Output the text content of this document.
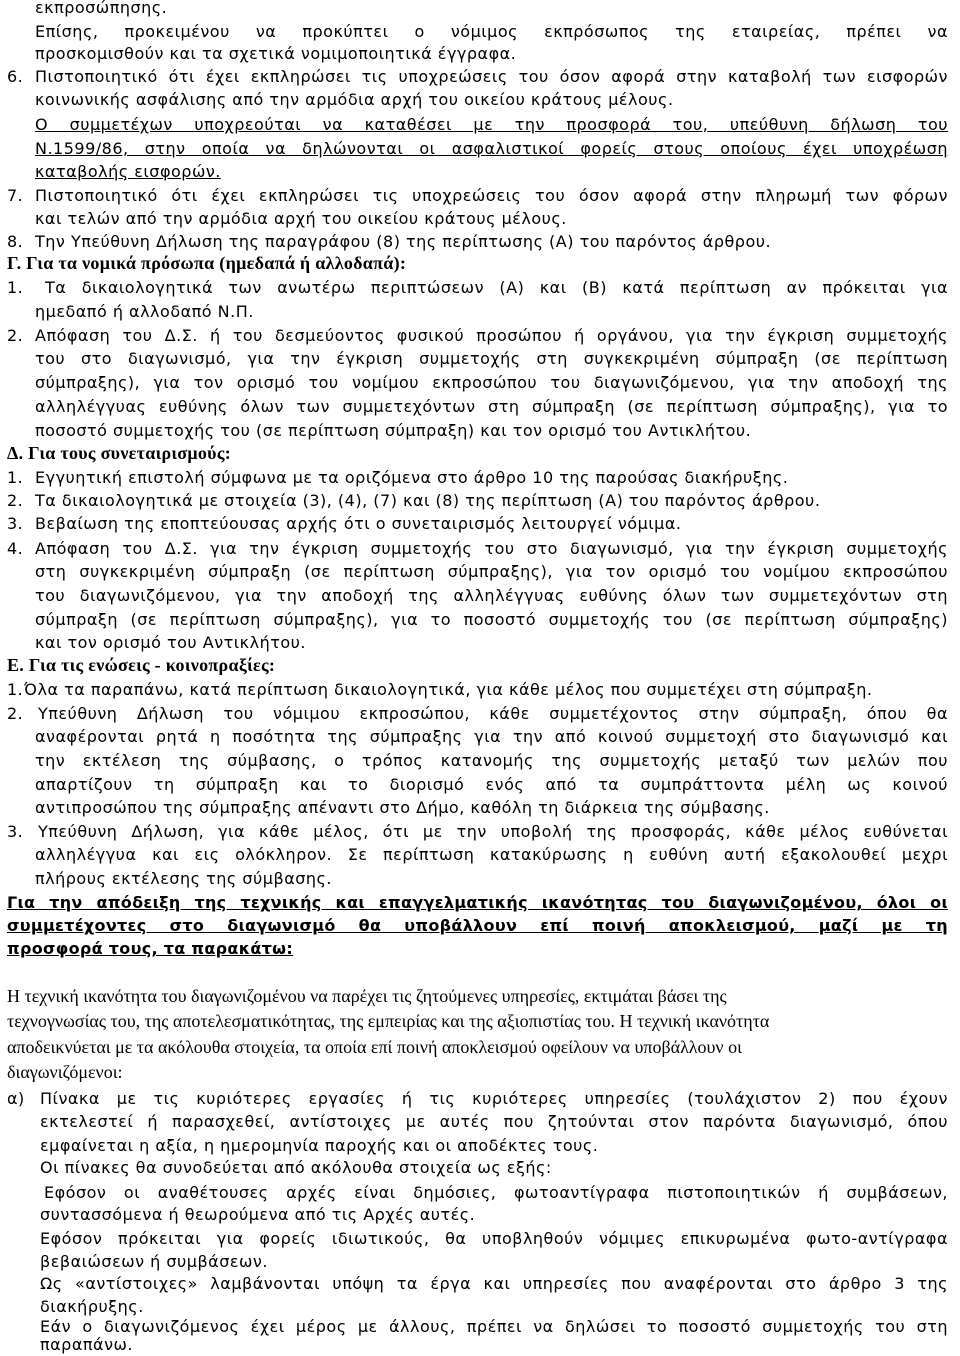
εκπροσώπησης.
Επίσης, προκειμένου να προκύπτει ο νόμιμος εκπρόσωπος της εταιρείας, πρέπει να
προσκομισθούν και τα σχετικά νομιμοποιητικά έγγραφα.
6. Πιστοποιητικό ότι έχει εκπληρώσει τις υποχρεώσεις του όσον αφορά στην καταβολή των εισφορών
κοινωνικής ασφάλισης από την αρμόδια αρχή του οικείου κράτους μέλους.
Ο συμμετέχων υποχρεούται να καταθέσει με την προσφορά του, υπεύθυνη δήλωση του
Ν.1599/86, στην οποία να δηλώνονται οι ασφαλιστικοί φορείς στους οποίους έχει υποχρέωση
καταβολής εισφορών.
7. Πιστοποιητικό ότι έχει εκπληρώσει τις υποχρεώσεις του όσον αφορά στην πληρωμή των φόρων
και τελών από την αρμόδια αρχή του οικείου κράτους μέλους.
8. Την Υπεύθυνη Δήλωση της παραγράφου (8) της περίπτωσης (Α) του παρόντος άρθρου.
Γ. Για τα νομικά πρόσωπα (ημεδαπά ή αλλοδαπά):
1. Τα δικαιολογητικά των ανωτέρω περιπτώσεων (Α) και (Β) κατά περίπτωση αν πρόκειται για
ημεδαπό ή αλλοδαπό Ν.Π.
2. Απόφαση του Δ.Σ. ή του δεσμεύοντος φυσικού προσώπου ή οργάνου, για την έγκριση συμμετοχής
του στο διαγωνισμό, για την έγκριση συμμετοχής στη συγκεκριμένη σύμπραξη (σε περίπτωση
σύμπραξης), για τον ορισμό του νομίμου εκπροσώπου του διαγωνιζόμενου, για την αποδοχή της
αλληλέγγυας ευθύνης όλων των συμμετεχόντων στη σύμπραξη (σε περίπτωση σύμπραξης), για το
ποσοστό συμμετοχής του (σε περίπτωση σύμπραξη) και τον ορισμό του Αντικλήτου.
Δ. Για τους συνεταιρισμούς:
1. Εγγυητική επιστολή σύμφωνα με τα οριζόμενα στο άρθρο 10 της παρούσας διακήρυξης.
2. Τα δικαιολογητικά με στοιχεία (3), (4), (7) και (8) της περίπτωση (Α) του παρόντος άρθρου.
3. Βεβαίωση της εποπτεύουσας αρχής ότι ο συνεταιρισμός λειτουργεί νόμιμα.
4. Απόφαση του Δ.Σ. για την έγκριση συμμετοχής του στο διαγωνισμό, για την έγκριση συμμετοχής
στη συγκεκριμένη σύμπραξη (σε περίπτωση σύμπραξης), για τον ορισμό του νομίμου εκπροσώπου
του διαγωνιζόμενου, για την αποδοχή της αλληλέγγυας ευθύνης όλων των συμμετεχόντων στη
σύμπραξη (σε περίπτωση σύμπραξης), για το ποσοστό συμμετοχής του (σε περίπτωση σύμπραξης)
και τον ορισμό του Αντικλήτου.
Ε. Για τις ενώσεις - κοινοπραξίες:
1. Όλα τα παραπάνω, κατά περίπτωση δικαιολογητικά, για κάθε μέλος που συμμετέχει στη σύμπραξη.
2. Υπεύθυνη Δήλωση του νόμιμου εκπροσώπου, κάθε συμμετέχοντος στην σύμπραξη, όπου θα
αναφέρονται ρητά η ποσότητα της σύμπραξης για την από κοινού συμμετοχή στο διαγωνισμό και
την εκτέλεση της σύμβασης, ο τρόπος κατανομής της συμμετοχής μεταξύ των μελών που
απαρτίζουν τη σύμπραξη και το διορισμό ενός από τα συμπράττοντα μέλη ως κοινού
αντιπροσώπου της σύμπραξης απέναντι στο Δήμο, καθόλη τη διάρκεια της σύμβασης.
3. Υπεύθυνη Δήλωση, για κάθε μέλος, ότι με την υποβολή της προσφοράς, κάθε μέλος ευθύνεται
αλληλέγγυα και εις ολόκληρον. Σε περίπτωση κατακύρωσης η ευθύνη αυτή εξακολουθεί μεχρι
πλήρους εκτέλεσης της σύμβασης.
Για την απόδειξη της τεχνικής και επαγγελματικής ικανότητας του διαγωνιζομένου, όλοι οι
συμμετέχοντες στο διαγωνισμό θα υποβάλλουν επί ποινή αποκλεισμού, μαζί με τη
προσφορά τους, τα παρακάτω:
Η τεχνική ικανότητα του διαγωνιζομένου να παρέχει τις ζητούμενες υπηρεσίες, εκτιμάται βάσει της
τεχνογνωσίας του, της αποτελεσματικότητας, της εμπειρίας και της αξιοπιστίας του. Η τεχνική ικανότητα
αποδεικνύεται με τα ακόλουθα στοιχεία, τα οποία επί ποινή αποκλεισμού οφείλουν να υποβάλλουν οι
διαγωνιζόμενοι:
α) Πίνακα με τις κυριότερες εργασίες ή τις κυριότερες υπηρεσίες (τουλάχιστον 2) που έχουν
εκτελεστεί ή παρασχεθεί, αντίστοιχες με αυτές που ζητούνται στον παρόντα διαγωνισμό, όπου
εμφαίνεται η αξία, η ημερομηνία παροχής και οι αποδέκτες τους.
Οι πίνακες θα συνοδεύεται από ακόλουθα στοιχεία ως εξής:
Εφόσον οι αναθέτουσες αρχές είναι δημόσιες, φωτοαντίγραφα πιστοποιητικών ή συμβάσεων,
συντασσόμενα ή θεωρούμενα από τις Αρχές αυτές.
Εφόσον πρόκειται για φορείς ιδιωτικούς, θα υποβληθούν νόμιμες επικυρωμένα φωτο-αντίγραφα
βεβαιώσεων ή συμβάσεων.
Ως «αντίστοιχες» λαμβάνονται υπόψη τα έργα και υπηρεσίες που αναφέρονται στο άρθρο 3 της
διακήρυξης.
Εάν ο διαγωνιζόμενος έχει μέρος με άλλους, πρέπει να δηλώσει το ποσοστό συμμετοχής του στη
παραπάνω.
